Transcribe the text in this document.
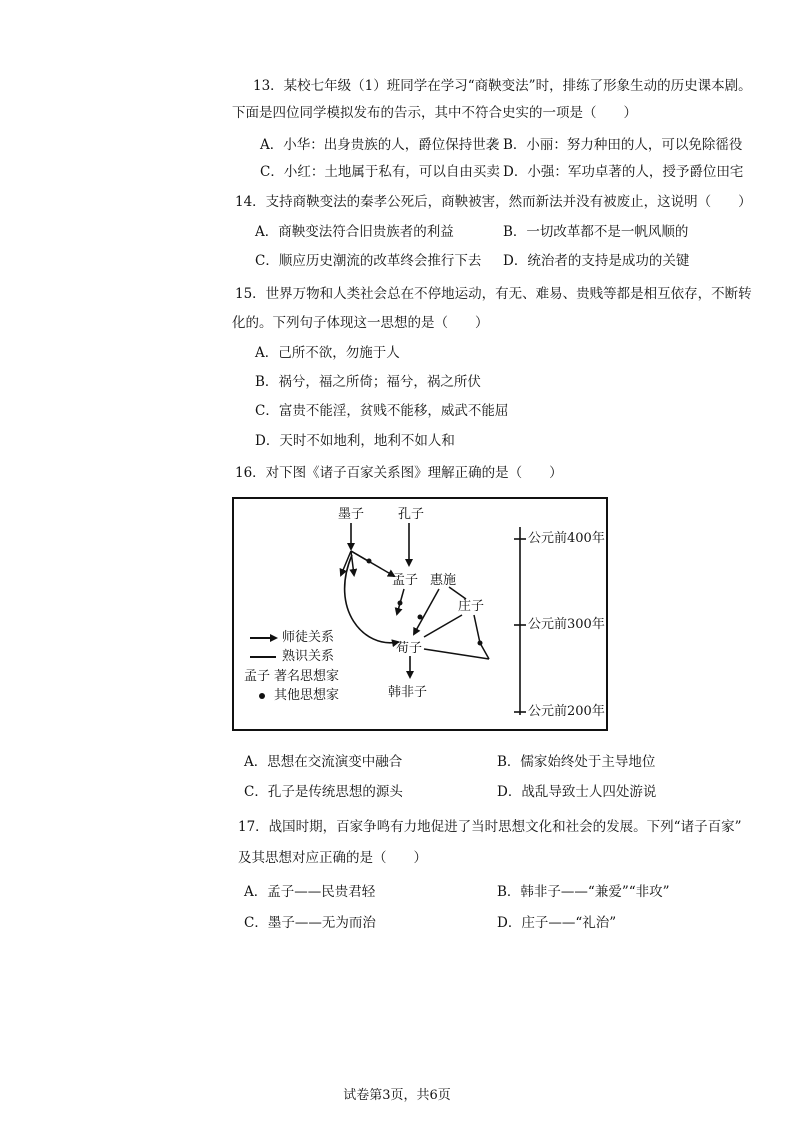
13．某校七年级（1）班同学在学习“商鞅变法”时，排练了形象生动的历史课本剧。
下面是四位同学模拟发布的告示，其中不符合史实的一项是（　　）
A．小华：出身贵族的人，爵位保持世袭 B．小丽：努力种田的人，可以免除徭役
C．小红：土地属于私有，可以自由买卖 D．小强：军功卓著的人，授予爵位田宅
14．支持商鞅变法的秦孝公死后，商鞅被害，然而新法并没有被废止，这说明（　　）
A．商鞅变法符合旧贵族者的利益	B．一切改革都不是一帆风顺的
C．顺应历史潮流的改革终会推行下去 D．统治者的支持是成功的关键
15．世界万物和人类社会总在不停地运动，有无、难易、贵贱等都是相互依存，不断转
化的。下列句子体现这一思想的是（　　）
A．己所不欲，勿施于人
B．祸兮，福之所倚；福兮，祸之所伏
C．富贵不能淫，贫贱不能移，威武不能屈
D．天时不如地利，地利不如人和
16．对下图《诸子百家关系图》理解正确的是（　　）
墨子	孔子
孟子 惠施
庄子
荀子
韩非子
公元前400年
公元前300年
公元前200年
师徒关系
熟识关系
孟子 著名思想家
其他思想家
A．思想在交流演变中融合	B．儒家始终处于主导地位
C．孔子是传统思想的源头	D．战乱导致士人四处游说
17．战国时期，百家争鸣有力地促进了当时思想文化和社会的发展。下列“诸子百家”
及其思想对应正确的是（　　）
A．孟子——民贵君轻	B．韩非子——“兼爱”“非攻”
C．墨子——无为而治	D．庄子——“礼治”
试卷第3页，共6页
